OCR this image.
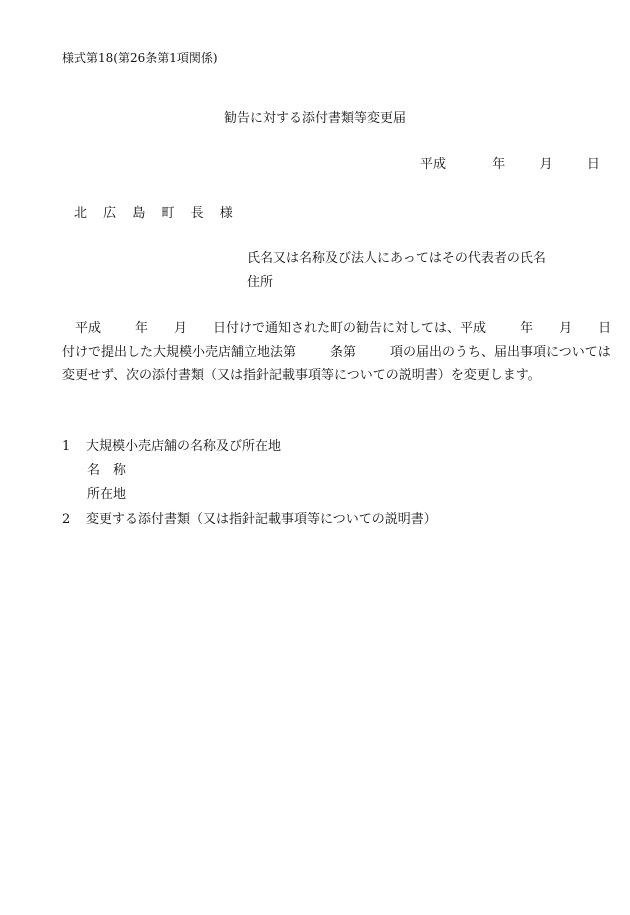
様式第18(第26条第1項関係)
勧告に対する添付書類等変更届
平成	年	月	日
北 広 島 町 長 様
氏名又は名称及び法人にあってはその代表者の氏名
住所
平成	年 月 日付けで通知された町の勧告に対しては、平成	年 月 日
付けで提出した大規模小売店舗立地法第	条第	項の届出のうち、届出事項については
変更せず、次の添付書類（又は指針記載事項等についての説明書）を変更します。
1 大規模小売店舗の名称及び所在地
名 称
所在地
2 変更する添付書類（又は指針記載事項等についての説明書）
